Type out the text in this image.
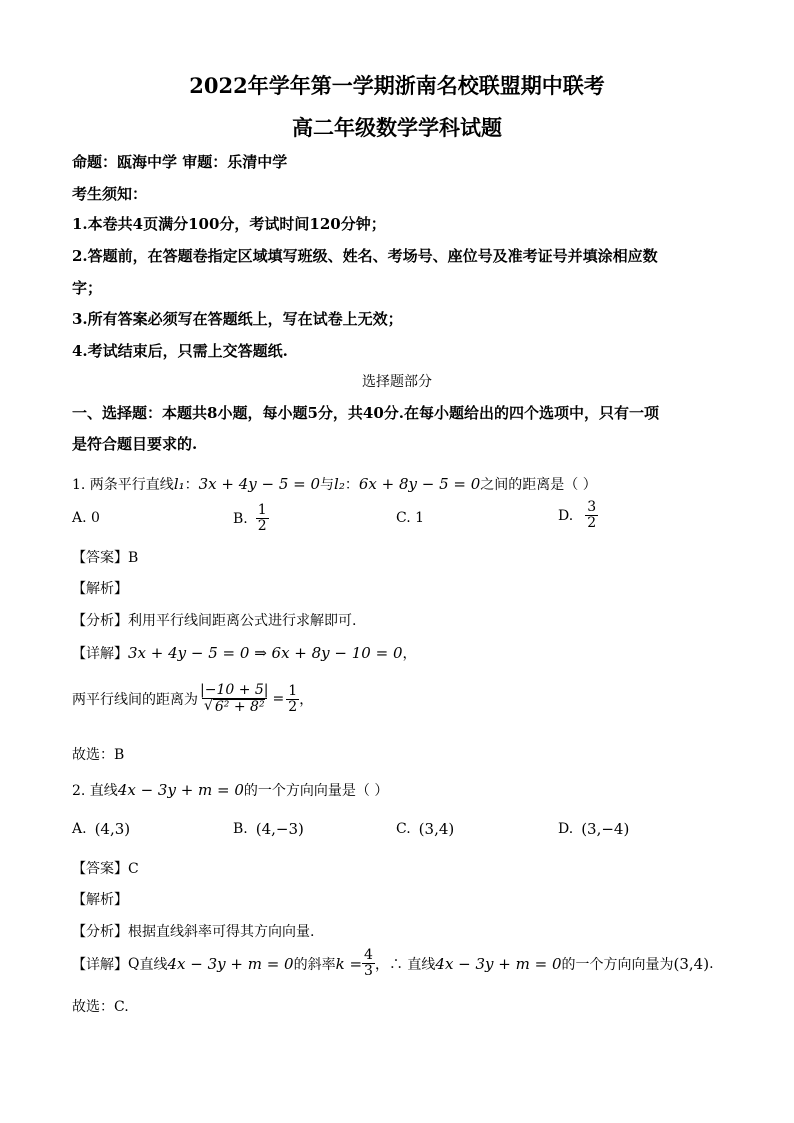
2022年学年第一学期浙南名校联盟期中联考
高二年级数学学科试题
命题：瓯海中学 审题：乐清中学
考生须知：
1.本卷共4页满分100分，考试时间120分钟；
2.答题前，在答题卷指定区域填写班级、姓名、考场号、座位号及准考证号并填涂相应数
字；
3.所有答案必须写在答题纸上，写在试卷上无效；
4.考试结束后，只需上交答题纸.
选择题部分
一、选择题：本题共8小题，每小题5分，共40分.在每小题给出的四个选项中，只有一项
是符合题目要求的.
1. 两条平行直线 l₁ ： 3x + 4y − 5 = 0 与 l₂ ： 6x + 8y − 5 = 0 之间的距离是（ ）
A. 0	B. $\frac{1}{2}$	C. 1	D. $\frac{3}{2}$
【答案】B
【解析】
【分析】利用平行线间距离公式进行求解即可.
【详解】 3x + 4y − 5 = 0 ⇒ 6x + 8y − 10 = 0 ，
两平行线间的距离为 $\frac{|-10 + 5|}{\text{√ 6² + 8²}} = \frac{1}{2}$ ，
故选：B
2. 直线 4x − 3y + m = 0 的一个方向向量是（ ）
A. (4,3)	B. (4,−3)	C. (3,4)	D. (3,−4)
【答案】C
【解析】
【分析】根据直线斜率可得其方向向量.
【详解】 Q 直线 4x − 3y + m = 0 的斜率 $k = \frac{4}{3}$ ，∴ 直线 4x − 3y + m = 0 的一个方向向量为 (3,4) .
故选：C.
